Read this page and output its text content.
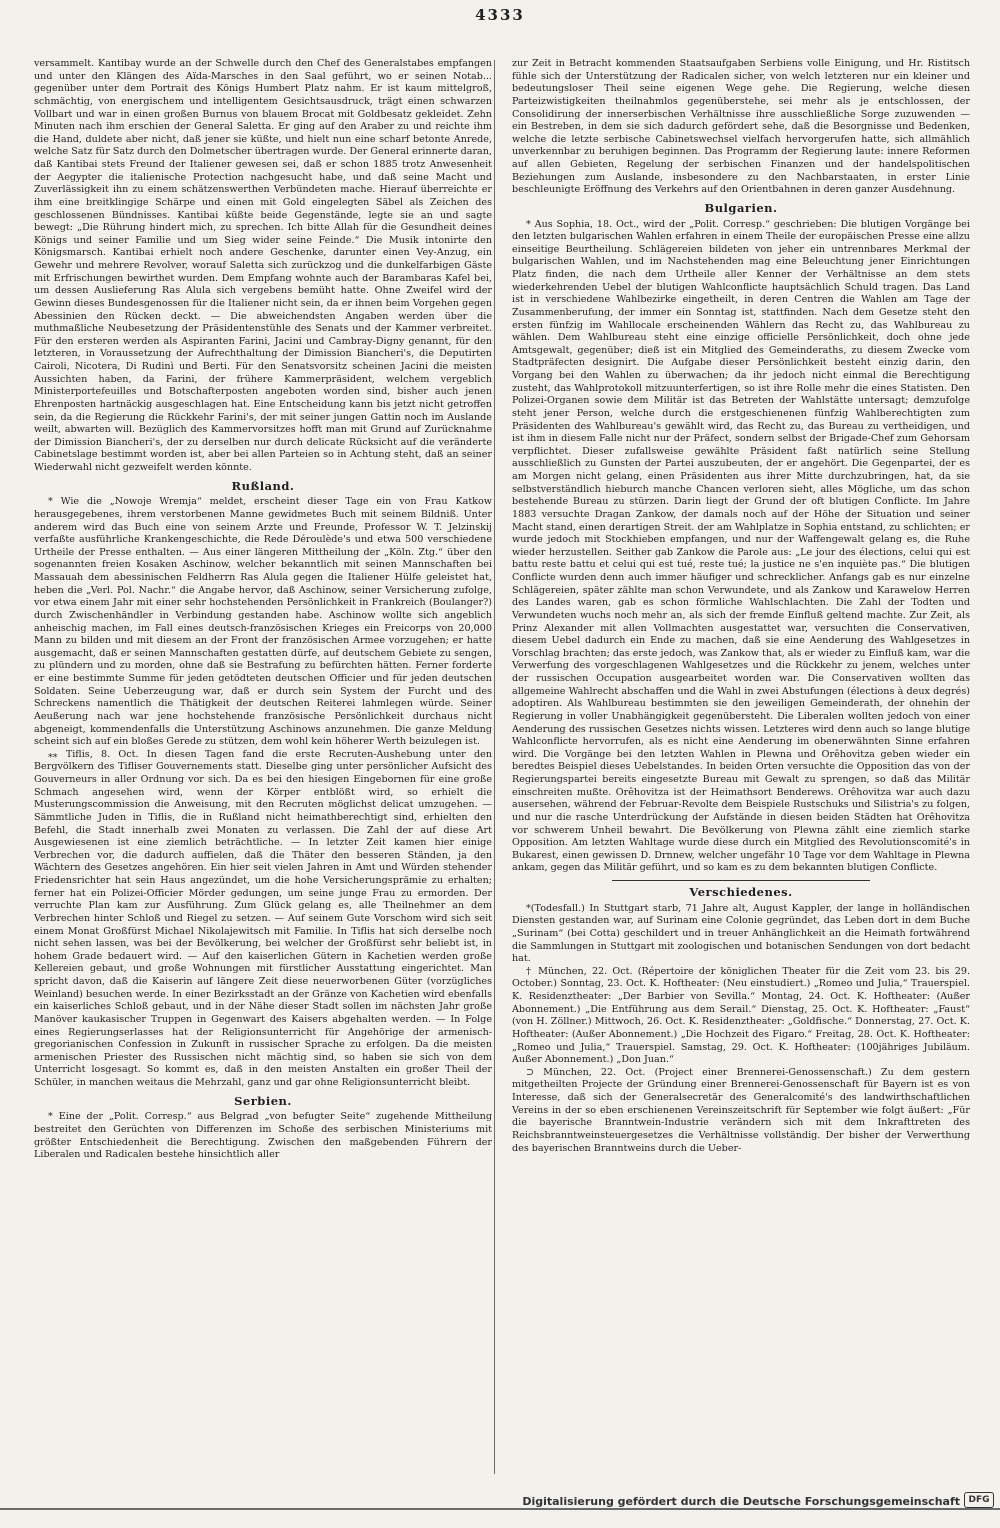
4333

versammelt. Kantibay wurde an der Schwelle durch den Chef des Generalstabes empfangen und unter den Klängen des Aïda-Marsches in den Saal geführt, wo er seinen Notab... gegenüber unter dem Portrait des Königs Humbert Platz nahm. Er ist kaum mittelgroß, schmächtig, von energischem und intelligentem Gesichtsausdruck, trägt einen schwarzen Vollbart und war in einen großen Burnus von blauem Brocat mit Goldbesatz gekleidet. Zehn Minuten nach ihm erschien der General Saletta. Er ging auf den Araber zu und reichte ihm die Hand, duldete aber nicht, daß jener sie küßte, und hielt nun eine scharf betonte Anrede, welche Satz für Satz durch den Dolmetscher übertragen wurde. Der General erinnerte daran, daß Kantibai stets Freund der Italiener gewesen sei, daß er schon 1885 trotz Anwesenheit der Aegypter die italienische Protection nachgesucht habe, und daß seine Macht und Zuverlässigkeit ihn zu einem schätzenswerthen Verbündeten mache. Hierauf überreichte er ihm eine breitklingige Schärpe und einen mit Gold eingelegten Säbel als Zeichen des geschlossenen Bündnisses. Kantibai küßte beide Gegenstände, legte sie an und sagte bewegt: „Die Rührung hindert mich, zu sprechen. Ich bitte Allah für die Gesundheit deines Königs und seiner Familie und um Sieg wider seine Feinde.“ Die Musik intonirte den Königsmarsch. Kantibai erhielt noch andere Geschenke, darunter einen Vey-Anzug, ein Gewehr und mehrere Revolver, worauf Saletta sich zurückzog und die dunkelfarbigen Gäste mit Erfrischungen bewirthet wurden. Dem Empfang wohnte auch der Barambaras Kafel bei, um dessen Auslieferung Ras Alula sich vergebens bemüht hatte. Ohne Zweifel wird der Gewinn dieses Bundesgenossen für die Italiener nicht sein, da er ihnen beim Vorgehen gegen Abessinien den Rücken deckt. — Die abweichendsten Angaben werden über die muthmaßliche Neubesetzung der Präsidentenstühle des Senats und der Kammer verbreitet. Für den ersteren werden als Aspiranten Farini, Jacini und Cambray-Digny genannt, für den letzteren, in Voraussetzung der Aufrechthaltung der Dimission Biancheri's, die Deputirten Cairoli, Nicotera, Di Rudinì und Berti. Für den Senatsvorsitz scheinen Jacini die meisten Aussichten haben, da Farini, der frühere Kammerpräsident, welchem vergeblich Ministerportefeuilles und Botschafterposten angeboten worden sind, bisher auch jenen Ehrenposten hartnäckig ausgeschlagen hat. Eine Entscheidung kann bis jetzt nicht getroffen sein, da die Regierung die Rückkehr Farini's, der mit seiner jungen Gattin noch im Auslande weilt, abwarten will. Bezüglich des Kammervorsitzes hofft man mit Grund auf Zurücknahme der Dimission Biancheri's, der zu derselben nur durch delicate Rücksicht auf die veränderte Cabinetslage bestimmt worden ist, aber bei allen Parteien so in Achtung steht, daß an seiner Wiederwahl nicht gezweifelt werden könnte.

Rußland.

* Wie die „Nowoje Wremja“ meldet, erscheint dieser Tage ein von Frau Katkow herausgegebenes, ihrem verstorbenen Manne gewidmetes Buch mit seinem Bildniß. Unter anderem wird das Buch eine von seinem Arzte und Freunde, Professor W. T. Jelzinskij verfaßte ausführliche Krankengeschichte, die Rede Déroulède's und etwa 500 verschiedene Urtheile der Presse enthalten. — Aus einer längeren Mittheilung der „Köln. Ztg.“ über den sogenannten freien Kosaken Aschinow, welcher bekanntlich mit seinen Mannschaften bei Massauah dem abessinischen Feldherrn Ras Alula gegen die Italiener Hülfe geleistet hat, heben die „Verl. Pol. Nachr.“ die Angabe hervor, daß Aschinow, seiner Versicherung zufolge, vor etwa einem Jahr mit einer sehr hochstehenden Persönlichkeit in Frankreich (Boulanger?) durch Zwischenhändler in Verbindung gestanden habe. Aschinow wollte sich angeblich anheischig machen, im Fall eines deutsch-französischen Krieges ein Freicorps von 20,000 Mann zu bilden und mit diesem an der Front der französischen Armee vorzugehen; er hatte ausgemacht, daß er seinen Mannschaften gestatten dürfe, auf deutschem Gebiete zu sengen, zu plündern und zu morden, ohne daß sie Bestrafung zu befürchten hätten. Ferner forderte er eine bestimmte Summe für jeden getödteten deutschen Officier und für jeden deutschen Soldaten. Seine Ueberzeugung war, daß er durch sein System der Furcht und des Schreckens namentlich die Thätigkeit der deutschen Reiterei lahmlegen würde. Seiner Aeußerung nach war jene hochstehende französische Persönlichkeit durchaus nicht abgeneigt, kommendenfalls die Unterstützung Aschinows anzunehmen. Die ganze Meldung scheint sich auf ein bloßes Gerede zu stützen, dem wohl kein höherer Werth beizulegen ist.

⁎⁎ Tiflis, 8. Oct. In diesen Tagen fand die erste Recruten-Aushebung unter den Bergvölkern des Tifliser Gouvernements statt. Dieselbe ging unter persönlicher Aufsicht des Gouverneurs in aller Ordnung vor sich. Da es bei den hiesigen Eingebornen für eine große Schmach angesehen wird, wenn der Körper entblößt wird, so erhielt die Musterungscommission die Anweisung, mit den Recruten möglichst delicat umzugehen. — Sämmtliche Juden in Tiflis, die in Rußland nicht heimathberechtigt sind, erhielten den Befehl, die Stadt innerhalb zwei Monaten zu verlassen. Die Zahl der auf diese Art Ausgewiesenen ist eine ziemlich beträchtliche. — In letzter Zeit kamen hier einige Verbrechen vor, die dadurch auffielen, daß die Thäter den besseren Ständen, ja den Wächtern des Gesetzes angehören. Ein hier seit vielen Jahren in Amt und Würden stehender Friedensrichter hat sein Haus angezündet, um die hohe Versicherungsprämie zu erhalten; ferner hat ein Polizei-Officier Mörder gedungen, um seine junge Frau zu ermorden. Der verruchte Plan kam zur Ausführung. Zum Glück gelang es, alle Theilnehmer an dem Verbrechen hinter Schloß und Riegel zu setzen. — Auf seinem Gute Vorschom wird sich seit einem Monat Großfürst Michael Nikolajewitsch mit Familie. In Tiflis hat sich derselbe noch nicht sehen lassen, was bei der Bevölkerung, bei welcher der Großfürst sehr beliebt ist, in hohem Grade bedauert wird. — Auf den kaiserlichen Gütern in Kachetien werden große Kellereien gebaut, und große Wohnungen mit fürstlicher Ausstattung eingerichtet. Man spricht davon, daß die Kaiserin auf längere Zeit diese neuerworbenen Güter (vorzügliches Weinland) besuchen werde. In einer Bezirksstadt an der Gränze von Kachetien wird ebenfalls ein kaiserliches Schloß gebaut, und in der Nähe dieser Stadt sollen im nächsten Jahr große Manöver kaukasischer Truppen in Gegenwart des Kaisers abgehalten werden. — In Folge eines Regierungserlasses hat der Religionsunterricht für Angehörige der armenisch-gregorianischen Confession in Zukunft in russischer Sprache zu erfolgen. Da die meisten armenischen Priester des Russischen nicht mächtig sind, so haben sie sich von dem Unterricht losgesagt. So kommt es, daß in den meisten Anstalten ein großer Theil der Schüler, in manchen weitaus die Mehrzahl, ganz und gar ohne Religionsunterricht bleibt.

Serbien.

* Eine der „Polit. Corresp.“ aus Belgrad „von befugter Seite“ zugehende Mittheilung bestreitet den Gerüchten von Differenzen im Schoße des serbischen Ministeriums mit größter Entschiedenheit die Berechtigung. Zwischen den maßgebenden Führern der Liberalen und Radicalen bestehe hinsichtlich aller

zur Zeit in Betracht kommenden Staatsaufgaben Serbiens volle Einigung, und Hr. Ristitsch fühle sich der Unterstützung der Radicalen sicher, von welch letzteren nur ein kleiner und bedeutungsloser Theil seine eigenen Wege gehe. Die Regierung, welche diesen Parteizwistigkeiten theilnahmlos gegenüberstehe, sei mehr als je entschlossen, der Consolidirung der innerserbischen Verhältnisse ihre ausschließliche Sorge zuzuwenden — ein Bestreben, in dem sie sich dadurch gefördert sehe, daß die Besorgnisse und Bedenken, welche die letzte serbische Cabinetswechsel vielfach hervorgerufen hatte, sich allmählich unverkennbar zu beruhigen beginnen. Das Programm der Regierung laute: innere Reformen auf allen Gebieten, Regelung der serbischen Finanzen und der handelspolitischen Beziehungen zum Auslande, insbesondere zu den Nachbarstaaten, in erster Linie beschleunigte Eröffnung des Verkehrs auf den Orientbahnen in deren ganzer Ausdehnung.

Bulgarien.

* Aus Sophia, 18. Oct., wird der „Polit. Corresp.“ geschrieben: Die blutigen Vorgänge bei den letzten bulgarischen Wahlen erfahren in einem Theile der europäischen Presse eine allzu einseitige Beurtheilung. Schlägereien bildeten von jeher ein untrennbares Merkmal der bulgarischen Wahlen, und im Nachstehenden mag eine Beleuchtung jener Einrichtungen Platz finden, die nach dem Urtheile aller Kenner der Verhältnisse an dem stets wiederkehrenden Uebel der blutigen Wahlconflicte hauptsächlich Schuld tragen. Das Land ist in verschiedene Wahlbezirke eingetheilt, in deren Centren die Wahlen am Tage der Zusammenberufung, der immer ein Sonntag ist, stattfinden. Nach dem Gesetze steht den ersten fünfzig im Wahllocale erscheinenden Wählern das Recht zu, das Wahlbureau zu wählen. Dem Wahlbureau steht eine einzige officielle Persönlichkeit, doch ohne jede Amtsgewalt, gegenüber; dieß ist ein Mitglied des Gemeinderaths, zu diesem Zwecke vom Stadtpräfecten designirt. Die Aufgabe dieser Persönlichkeit besteht einzig darin, den Vorgang bei den Wahlen zu überwachen; da ihr jedoch nicht einmal die Berechtigung zusteht, das Wahlprotokoll mitzuunterfertigen, so ist ihre Rolle mehr die eines Statisten. Den Polizei-Organen sowie dem Militär ist das Betreten der Wahlstätte untersagt; demzufolge steht jener Person, welche durch die erstgeschienenen fünfzig Wahlberechtigten zum Präsidenten des Wahlbureau's gewählt wird, das Recht zu, das Bureau zu vertheidigen, und ist ihm in diesem Falle nicht nur der Präfect, sondern selbst der Brigade-Chef zum Gehorsam verpflichtet. Dieser zufallsweise gewählte Präsident faßt natürlich seine Stellung ausschließlich zu Gunsten der Partei auszubeuten, der er angehört. Die Gegenpartei, der es am Morgen nicht gelang, einen Präsidenten aus ihrer Mitte durchzubringen, hat, da sie selbstverständlich hieburch manche Chancen verloren sieht, alles Mögliche, um das schon bestehende Bureau zu stürzen. Darin liegt der Grund der oft blutigen Conflicte. Im Jahre 1883 versuchte Dragan Zankow, der damals noch auf der Höhe der Situation und seiner Macht stand, einen derartigen Streit. der am Wahlplatze in Sophia entstand, zu schlichten; er wurde jedoch mit Stockhieben empfangen, und nur der Waffengewalt gelang es, die Ruhe wieder herzustellen. Seither gab Zankow die Parole aus: „Le jour des élections, celui qui est battu reste battu et celui qui est tué, reste tué; la justice ne s'en inquiète pas.“ Die blutigen Conflicte wurden denn auch immer häufiger und schrecklicher. Anfangs gab es nur einzelne Schlägereien, später zählte man schon Verwundete, und als Zankow und Karawelow Herren des Landes waren, gab es schon förmliche Wahlschlachten. Die Zahl der Todten und Verwundeten wuchs noch mehr an, als sich der fremde Einfluß geltend machte. Zur Zeit, als Prinz Alexander mit allen Vollmachten ausgestattet war, versuchten die Conservativen, diesem Uebel dadurch ein Ende zu machen, daß sie eine Aenderung des Wahlgesetzes in Vorschlag brachten; das erste jedoch, was Zankow that, als er wieder zu Einfluß kam, war die Verwerfung des vorgeschlagenen Wahlgesetzes und die Rückkehr zu jenem, welches unter der russischen Occupation ausgearbeitet worden war. Die Conservativen wollten das allgemeine Wahlrecht abschaffen und die Wahl in zwei Abstufungen (élections à deux degrés) adoptiren. Als Wahlbureau bestimmten sie den jeweiligen Gemeinderath, der ohnehin der Regierung in voller Unabhängigkeit gegenübersteht. Die Liberalen wollten jedoch von einer Aenderung des russischen Gesetzes nichts wissen. Letzteres wird denn auch so lange blutige Wahlconflicte hervorrufen, als es nicht eine Aenderung im obenerwähnten Sinne erfahren wird. Die Vorgänge bei den letzten Wahlen in Plewna und Orêhovitza geben wieder ein beredtes Beispiel dieses Uebelstandes. In beiden Orten versuchte die Opposition das von der Regierungspartei bereits eingesetzte Bureau mit Gewalt zu sprengen, so daß das Militär einschreiten mußte. Orêhovitza ist der Heimathsort Benderews. Orêhovitza war auch dazu ausersehen, während der Februar-Revolte dem Beispiele Rustschuks und Silistria's zu folgen, und nur die rasche Unterdrückung der Aufstände in diesen beiden Städten hat Orêhovitza vor schwerem Unheil bewahrt. Die Bevölkerung von Plewna zählt eine ziemlich starke Opposition. Am letzten Wahltage wurde diese durch ein Mitglied des Revolutionscomité's in Bukarest, einen gewissen D. Drnnew, welcher ungefähr 10 Tage vor dem Wahltage in Plewna ankam, gegen das Militär geführt, und so kam es zu dem bekannten blutigen Conflicte.

Verschiedenes.

*(Todesfall.) In Stuttgart starb, 71 Jahre alt, August Kappler, der lange in holländischen Diensten gestanden war, auf Surinam eine Colonie gegründet, das Leben dort in dem Buche „Surinam“ (bei Cotta) geschildert und in treuer Anhänglichkeit an die Heimath fortwährend die Sammlungen in Stuttgart mit zoologischen und botanischen Sendungen von dort bedacht hat.

† München, 22. Oct. (Répertoire der königlichen Theater für die Zeit vom 23. bis 29. October.) Sonntag, 23. Oct. K. Hoftheater: (Neu einstudiert.) „Romeo und Julia,“ Trauerspiel. K. Residenztheater: „Der Barbier von Sevilla.“ Montag, 24. Oct. K. Hoftheater: (Außer Abonnement.) „Die Entführung aus dem Serail.“ Dienstag, 25. Oct. K. Hoftheater: „Faust“ (von H. Zöllner.) Mittwoch, 26. Oct. K. Residenztheater: „Goldfische.“ Donnerstag, 27. Oct. K. Hoftheater: (Außer Abonnement.) „Die Hochzeit des Figaro.“ Freitag, 28. Oct. K. Hoftheater: „Romeo und Julia,“ Trauerspiel. Samstag, 29. Oct. K. Hoftheater: (100jähriges Jubiläum. Außer Abonnement.) „Don Juan.“

⊃ München, 22. Oct. (Project einer Brennerei-Genossenschaft.) Zu dem gestern mitgetheilten Projecte der Gründung einer Brennerei-Genossenschaft für Bayern ist es von Interesse, daß sich der Generalsecretär des Generalcomité's des landwirthschaftlichen Vereins in der so eben erschienenen Vereinszeitschrift für September wie folgt äußert: „Für die bayerische Branntwein-Industrie verändern sich mit dem Inkrafttreten des Reichsbranntweinsteuergesetzes die Verhältnisse vollständig. Der bisher der Verwerthung des bayerischen Branntweins durch die Ueber-

Digitalisierung gefördert durch die Deutsche Forschungsgemeinschaft DFG
